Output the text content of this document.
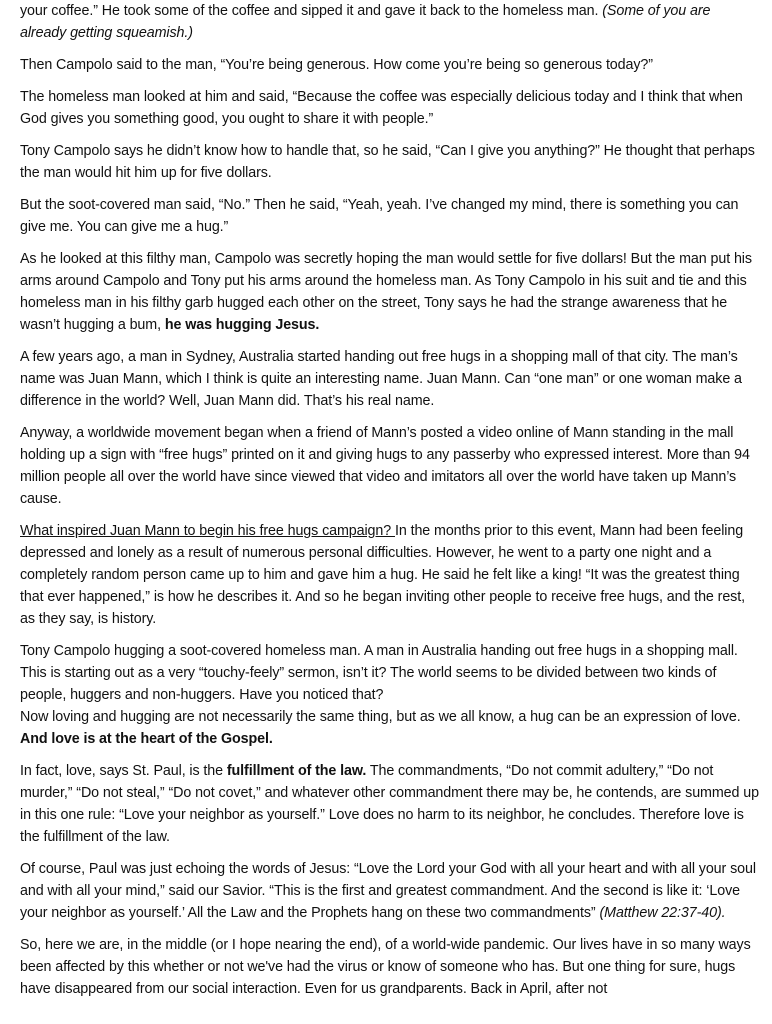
your coffee.” He took some of the coffee and sipped it and gave it back to the homeless man. (Some of you are already getting squeamish.)

Then Campolo said to the man, “You’re being generous. How come you’re being so generous today?”

The homeless man looked at him and said, “Because the coffee was especially delicious today and I think that when God gives you something good, you ought to share it with people.”

Tony Campolo says he didn’t know how to handle that, so he said, “Can I give you anything?” He thought that perhaps the man would hit him up for five dollars.

But the soot-covered man said, “No.” Then he said, “Yeah, yeah. I’ve changed my mind, there is something you can give me. You can give me a hug.”

As he looked at this filthy man, Campolo was secretly hoping the man would settle for five dollars! But the man put his arms around Campolo and Tony put his arms around the homeless man. As Tony Campolo in his suit and tie and this homeless man in his filthy garb hugged each other on the street, Tony says he had the strange awareness that he wasn’t hugging a bum, he was hugging Jesus.

A few years ago, a man in Sydney, Australia started handing out free hugs in a shopping mall of that city. The man’s name was Juan Mann, which I think is quite an interesting name. Juan Mann. Can “one man” or one woman make a difference in the world? Well, Juan Mann did. That’s his real name.

Anyway, a worldwide movement began when a friend of Mann’s posted a video online of Mann standing in the mall holding up a sign with “free hugs” printed on it and giving hugs to any passerby who expressed interest. More than 94 million people all over the world have since viewed that video and imitators all over the world have taken up Mann’s cause.

What inspired Juan Mann to begin his free hugs campaign? In the months prior to this event, Mann had been feeling depressed and lonely as a result of numerous personal difficulties. However, he went to a party one night and a completely random person came up to him and gave him a hug. He said he felt like a king! “It was the greatest thing that ever happened,” is how he describes it. And so he began inviting other people to receive free hugs, and the rest, as they say, is history.

Tony Campolo hugging a soot-covered homeless man. A man in Australia handing out free hugs in a shopping mall. This is starting out as a very “touchy-feely” sermon, isn’t it? The world seems to be divided between two kinds of people, huggers and non-huggers. Have you noticed that?
Now loving and hugging are not necessarily the same thing, but as we all know, a hug can be an expression of love. And love is at the heart of the Gospel.

In fact, love, says St. Paul, is the fulfillment of the law. The commandments, “Do not commit adultery,” “Do not murder,” “Do not steal,” “Do not covet,” and whatever other commandment there may be, he contends, are summed up in this one rule: “Love your neighbor as yourself.” Love does no harm to its neighbor, he concludes. Therefore love is the fulfillment of the law.

Of course, Paul was just echoing the words of Jesus: “Love the Lord your God with all your heart and with all your soul and with all your mind,” said our Savior. “This is the first and greatest commandment. And the second is like it: ‘Love your neighbor as yourself.’ All the Law and the Prophets hang on these two commandments” (Matthew 22:37-40).

So, here we are, in the middle (or I hope nearing the end), of a world-wide pandemic. Our lives have in so many ways been affected by this whether or not we've had the virus or know of someone who has. But one thing for sure, hugs have disappeared from our social interaction. Even for us grandparents. Back in April, after not
